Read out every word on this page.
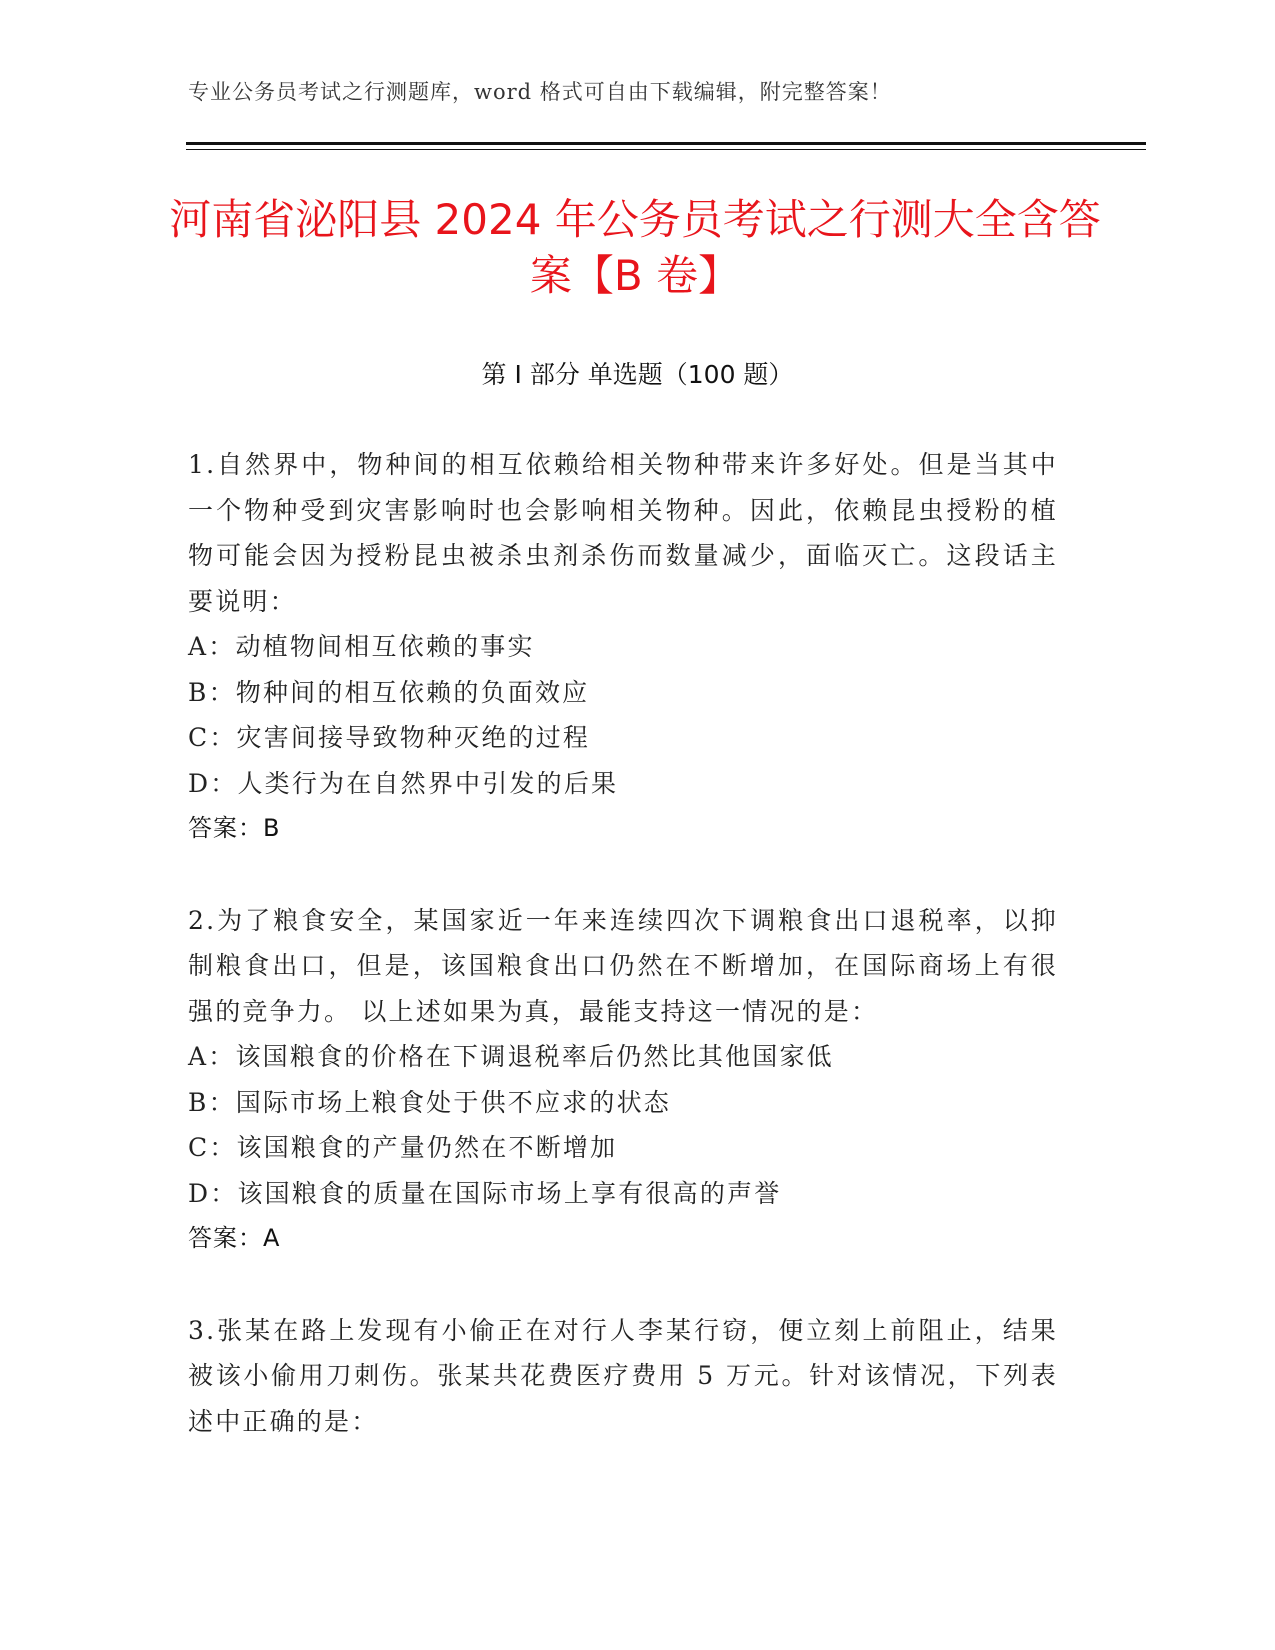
专业公务员考试之行测题库，word 格式可自由下载编辑，附完整答案！
河南省泌阳县 2024 年公务员考试之行测大全含答案【B 卷】
第 I 部分 单选题（100 题）
1.自然界中，物种间的相互依赖给相关物种带来许多好处。但是当其中一个物种受到灾害影响时也会影响相关物种。因此，依赖昆虫授粉的植物可能会因为授粉昆虫被杀虫剂杀伤而数量减少，面临灭亡。这段话主要说明：
A：动植物间相互依赖的事实
B：物种间的相互依赖的负面效应
C：灾害间接导致物种灭绝的过程
D：人类行为在自然界中引发的后果
答案：B
2.为了粮食安全，某国家近一年来连续四次下调粮食出口退税率，以抑制粮食出口，但是，该国粮食出口仍然在不断增加，在国际商场上有很强的竞争力。 以上述如果为真，最能支持这一情况的是：
A：该国粮食的价格在下调退税率后仍然比其他国家低
B：国际市场上粮食处于供不应求的状态
C：该国粮食的产量仍然在不断增加
D：该国粮食的质量在国际市场上享有很高的声誉
答案：A
3.张某在路上发现有小偷正在对行人李某行窃，便立刻上前阻止，结果被该小偷用刀刺伤。张某共花费医疗费用 5 万元。针对该情况，下列表述中正确的是：
